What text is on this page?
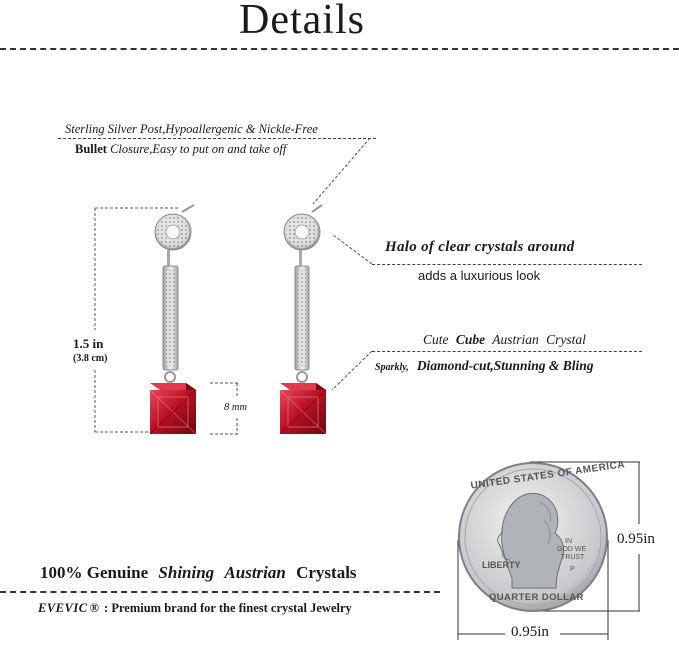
Details
Sterling Silver Post,Hypoallergenic & Nickle-Free
Bullet Closure,Easy to put on and take off
Halo of clear crystals around
adds a luxurious look
Cute Cube Austrian Crystal
Sparkly, Diamond-cut,Stunning & Bling
1.5 in
(3.8 cm)
8 mm
0.95in
0.95in
100% Genuine Shining Austrian Crystals
EVEVIC ® : Premium brand for the finest crystal Jewelry
UNITED STATES OF AMERICA
LIBERTY
IN
GOD WE
TRUST
P
QUARTER DOLLAR
